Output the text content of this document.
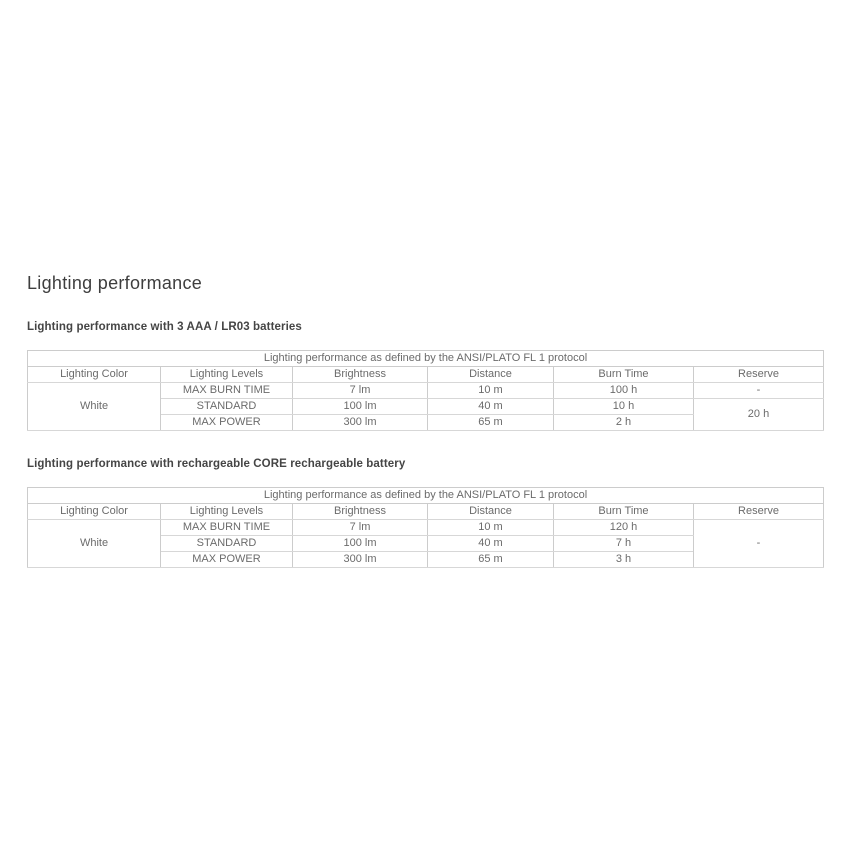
Lighting performance
Lighting performance with 3 AAA / LR03 batteries
Lighting performance as defined by the ANSI/PLATO FL 1 protocol					
Lighting Color	Lighting Levels	Brightness	Distance	Burn Time	Reserve
White	MAX BURN TIME	7 lm	10 m	100 h	-
	STANDARD	100 lm	40 m	10 h	20 h
	MAX POWER	300 lm	65 m	2 h	
Lighting performance with rechargeable CORE rechargeable battery
Lighting performance as defined by the ANSI/PLATO FL 1 protocol					
Lighting Color	Lighting Levels	Brightness	Distance	Burn Time	Reserve
White	MAX BURN TIME	7 lm	10 m	120 h	-
	STANDARD	100 lm	40 m	7 h	
	MAX POWER	300 lm	65 m	3 h	
